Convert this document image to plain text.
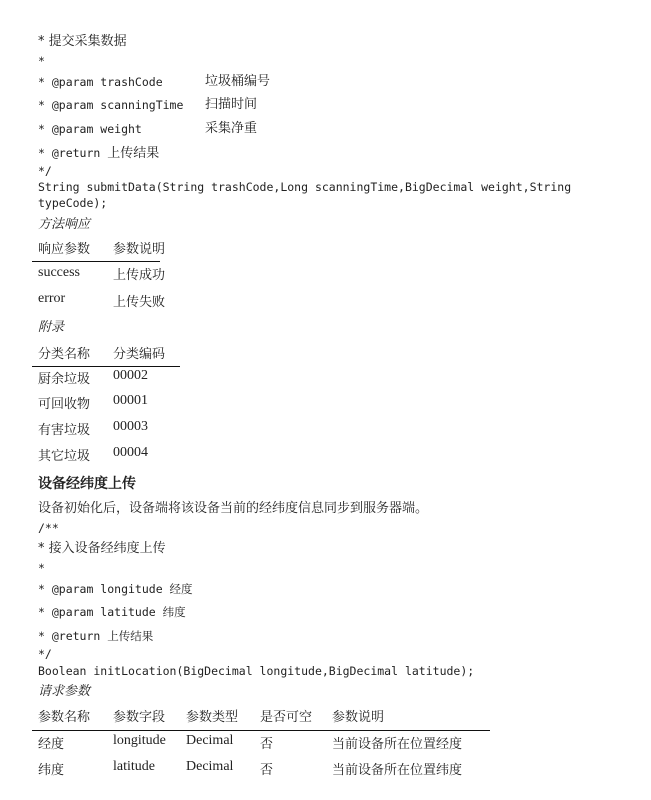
* 提交采集数据
*
* @param trashCode	垃圾桶编号
* @param scanningTime 扫描时间
* @param weight	采集净重
* @return 上传结果
*/
String submitData(String trashCode,Long scanningTime,BigDecimal weight,String
typeCode);
方法响应
响应参数 参数说明
success	上传成功
error	上传失败
附录
分类名称 分类编码
厨余垃圾 00002
可回收物 00001
有害垃圾 00003
其它垃圾 00004
设备经纬度上传
设备初始化后，设备端将该设备当前的经纬度信息同步到服务器端。
/**
* 接入设备经纬度上传
*
* @param longitude 经度
* @param latitude 纬度
* @return 上传结果
*/
Boolean initLocation(BigDecimal longitude,BigDecimal latitude);
请求参数
参数名称 参数字段 参数类型 是否可空 参数说明
经度	longitude Decimal 否	当前设备所在位置经度
纬度	latitude Decimal 否	当前设备所在位置纬度
